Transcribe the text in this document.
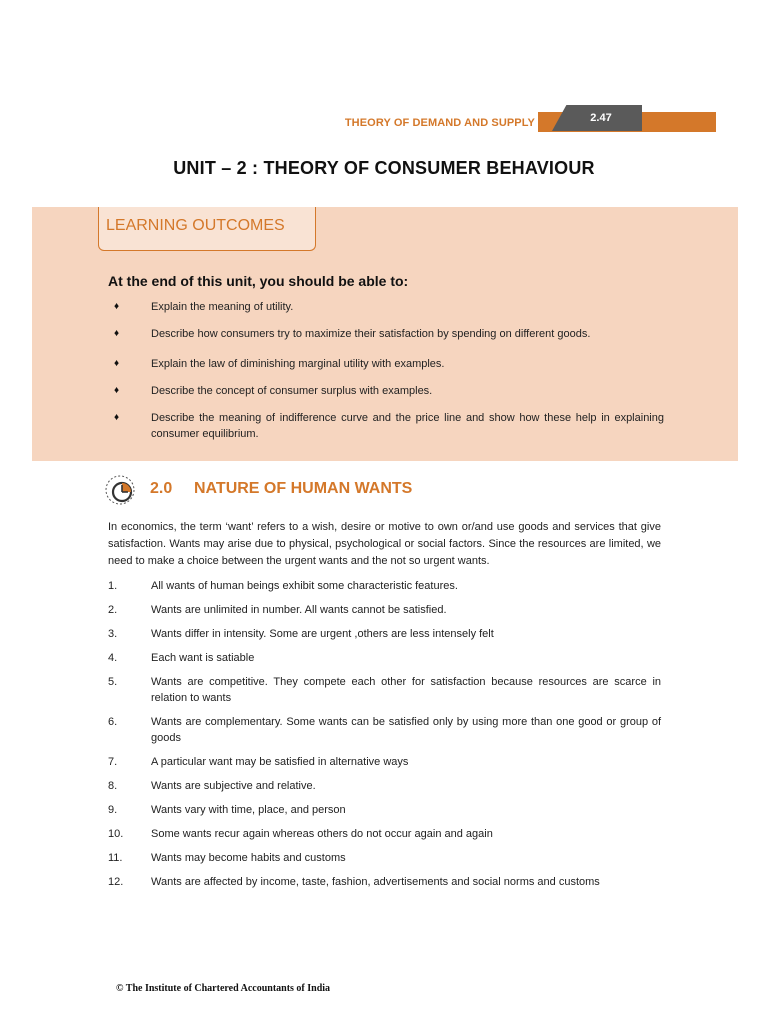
THEORY OF DEMAND AND SUPPLY	2.47
UNIT – 2 : THEORY OF CONSUMER BEHAVIOUR
LEARNING OUTCOMES
At the end of this unit, you should be able to:
♦	Explain the meaning of utility.
♦	Describe how consumers try to maximize their satisfaction by spending on different goods.
♦	Explain the law of diminishing marginal utility with examples.
♦	Describe the concept of consumer surplus with examples.
♦	Describe the meaning of indifference curve and the price line and show how these help in explaining consumer equilibrium.
2.0 NATURE OF HUMAN WANTS

In economics, the term ‘want’ refers to a wish, desire or motive to own or/and use goods and services that give satisfaction. Wants may arise due to physical, psychological or social factors. Since the resources are limited, we need to make a choice between the urgent wants and the not so urgent wants.

1.	All wants of human beings exhibit some characteristic features.
2.	Wants are unlimited in number. All wants cannot be satisfied.
3.	Wants differ in intensity. Some are urgent ,others are less intensely felt
4.	Each want is satiable
5.	Wants are competitive. They compete each other for satisfaction because resources are scarce in relation to wants
6.	Wants are complementary. Some wants can be satisfied only by using more than one good or group of goods
7.	A particular want may be satisfied in alternative ways
8.	Wants are subjective and relative.
9.	Wants vary with time, place, and person
10.	Some wants recur again whereas others do not occur again and again
11.	Wants may become habits and customs
12.	Wants are affected by income, taste, fashion, advertisements and social norms and customs
© The Institute of Chartered Accountants of India
